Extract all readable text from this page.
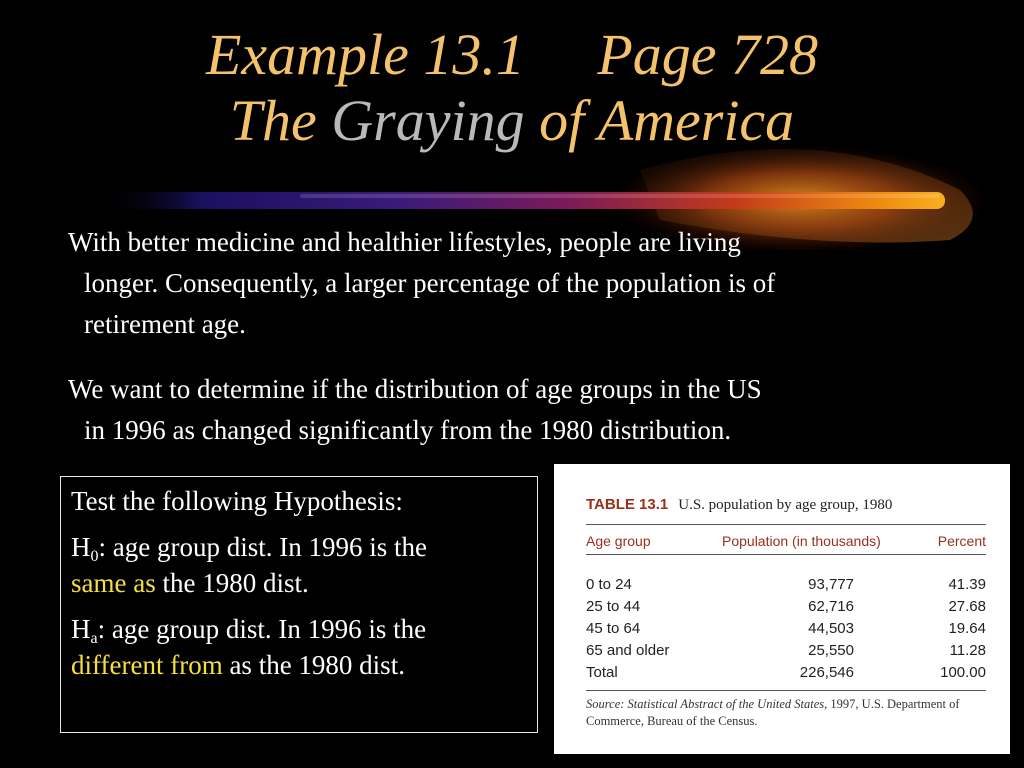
Example 13.1     Page 728
The Graying of America
With better medicine and healthier lifestyles, people are living
longer. Consequently, a larger percentage of the population is of
retirement age.
We want to determine if the distribution of age groups in the US
in 1996 as changed significantly from the 1980 distribution.
Test the following Hypothesis:
$H_0$: age group dist. In 1996 is the
same as the 1980 dist.
$H_a$: age group dist. In 1996 is the
different from as the 1980 dist.
TABLE 13.1 U.S. population by age group, 1980
Age group	Population (in thousands)	Percent
0 to 24	93,777	41.39
25 to 44	62,716	27.68
45 to 64	44,503	19.64
65 and older	25,550	11.28
Total	226,546	100.00
Source: Statistical Abstract of the United States, 1997, U.S. Department of Commerce, Bureau of the Census.
